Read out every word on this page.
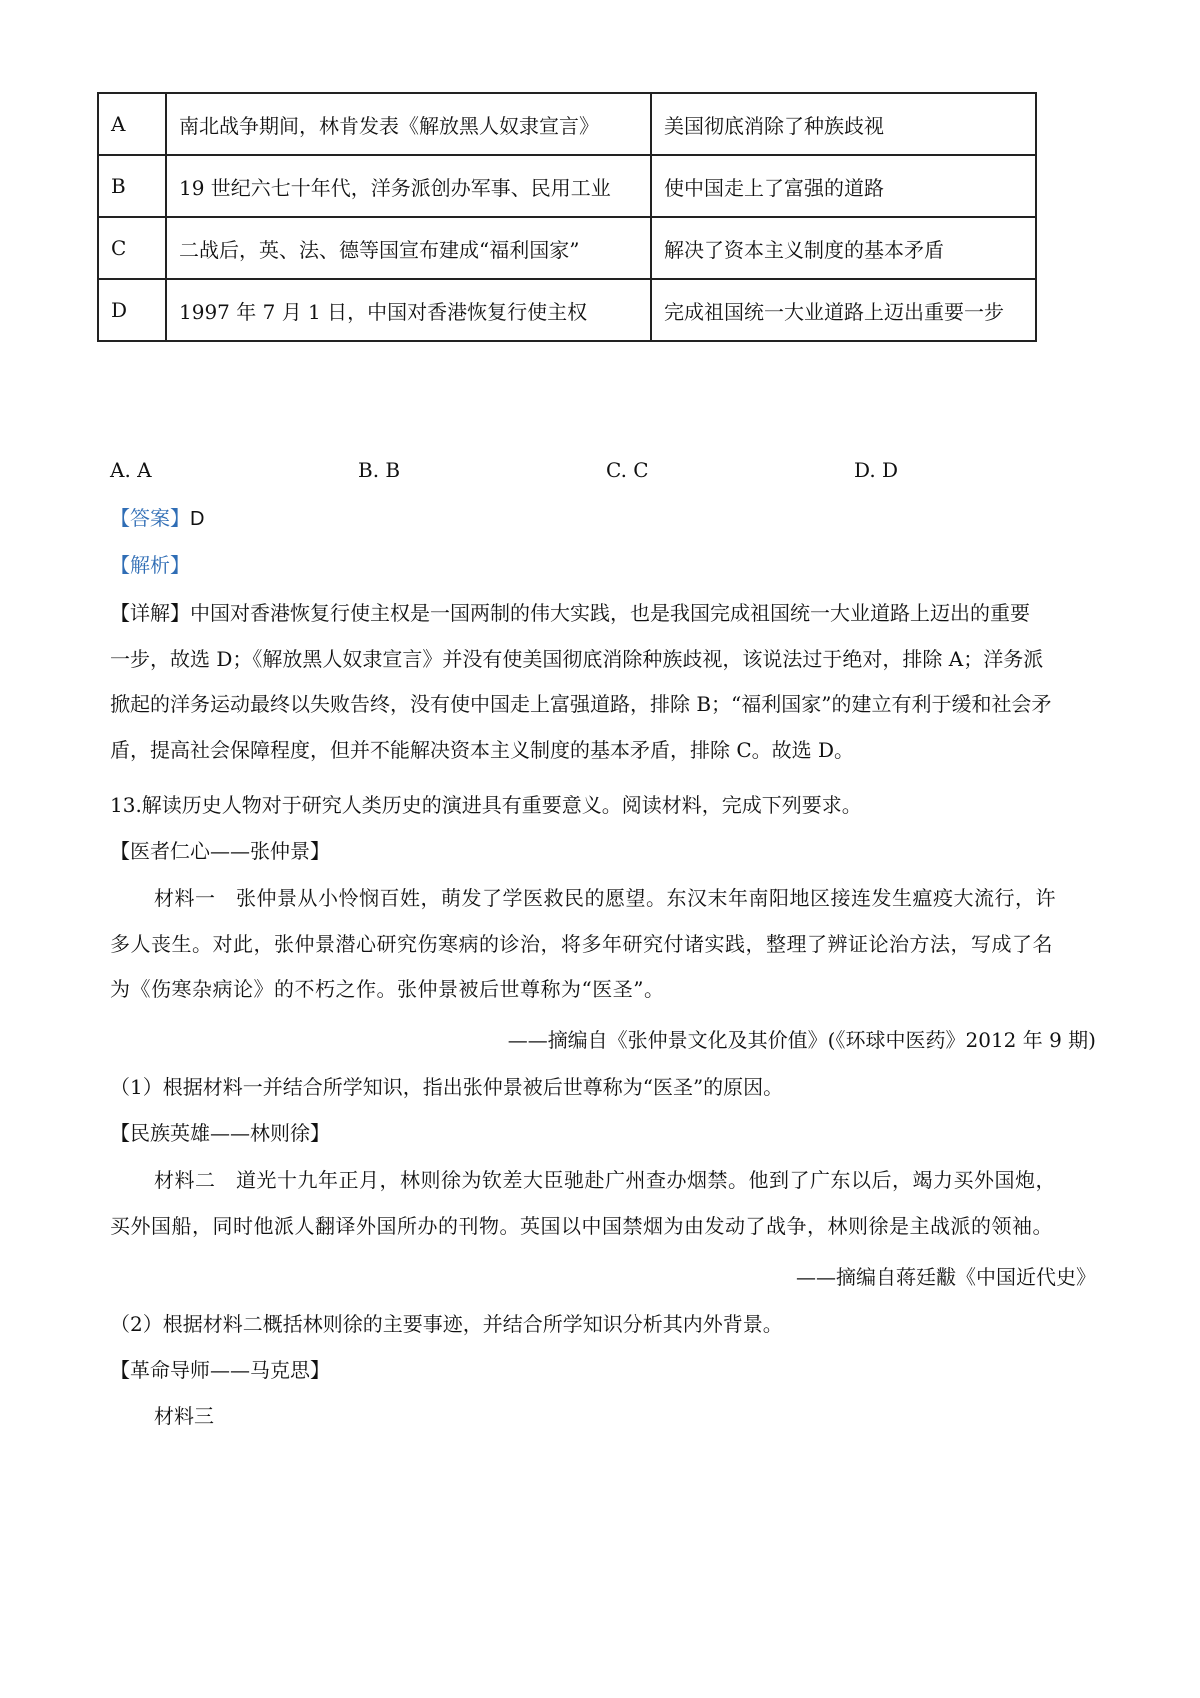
A	南北战争期间，林肯发表《解放黑人奴隶宣言》	美国彻底消除了种族歧视
B	19 世纪六七十年代，洋务派创办军事、民用工业	使中国走上了富强的道路
C	二战后，英、法、德等国宣布建成“福利国家”	解决了资本主义制度的基本矛盾
D	1997 年 7 月 1 日，中国对香港恢复行使主权	完成祖国统一大业道路上迈出重要一步
A. A	B. B	C. C	D. D
【答案】D
【解析】

【详解】中国对香港恢复行使主权是一国两制的伟大实践，也是我国完成祖国统一大业道路上迈出的重要

一步，故选 D；《解放黑人奴隶宣言》并没有使美国彻底消除种族歧视，该说法过于绝对，排除 A；洋务派

掀起的洋务运动最终以失败告终，没有使中国走上富强道路，排除 B；“福利国家”的建立有利于缓和社会矛

盾，提高社会保障程度，但并不能解决资本主义制度的基本矛盾，排除 C。故选 D。

13.解读历史人物对于研究人类历史的演进具有重要意义。阅读材料，完成下列要求。
【医者仁心——张仲景】

材料一　张仲景从小怜悯百姓，萌发了学医救民的愿望。东汉末年南阳地区接连发生瘟疫大流行，许

多人丧生。对此，张仲景潜心研究伤寒病的诊治，将多年研究付诸实践，整理了辨证论治方法，写成了名

为《伤寒杂病论》的不朽之作。张仲景被后世尊称为“医圣”。

——摘编自《张仲景文化及其价值》(《环球中医药》2012 年 9 期)
（1）根据材料一并结合所学知识，指出张仲景被后世尊称为“医圣”的原因。
【民族英雄——林则徐】

材料二　道光十九年正月，林则徐为钦差大臣驰赴广州查办烟禁。他到了广东以后，竭力买外国炮，

买外国船，同时他派人翻译外国所办的刊物。英国以中国禁烟为由发动了战争，林则徐是主战派的领袖。

——摘编自蒋廷黻《中国近代史》
（2）根据材料二概括林则徐的主要事迹，并结合所学知识分析其内外背景。
【革命导师——马克思】
材料三
